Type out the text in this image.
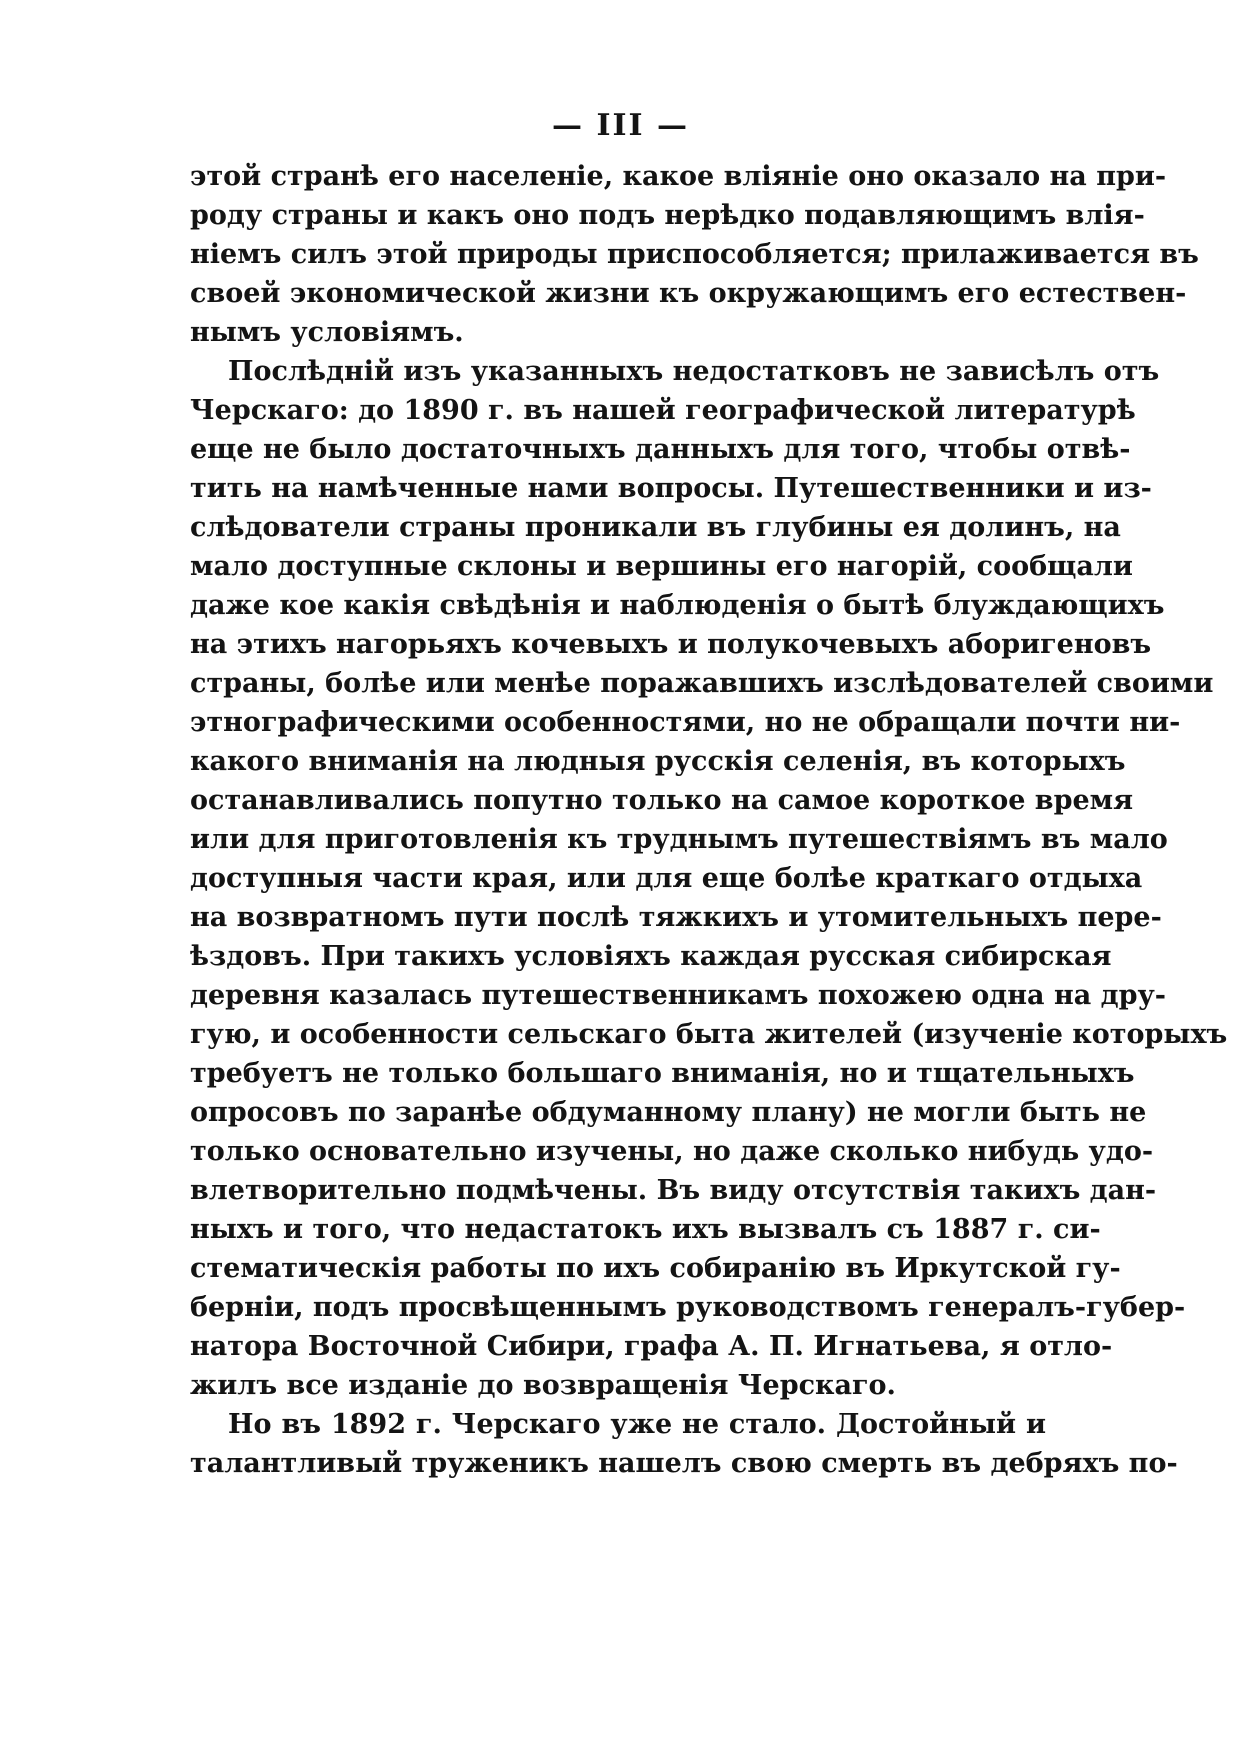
— III —
этой странѣ его населеніе, какое вліяніе оно оказало на при-
роду страны и какъ оно подъ нерѣдко подавляющимъ влія-
ніемъ силъ этой природы приспособляется; прилаживается въ
своей экономической жизни къ окружающимъ его естествен-
нымъ условіямъ.
Послѣдній изъ указанныхъ недостатковъ не зависѣлъ отъ
Черскаго: до 1890 г. въ нашей географической литературѣ
еще не было достаточныхъ данныхъ для того, чтобы отвѣ-
тить на намѣченные нами вопросы. Путешественники и из-
слѣдователи страны проникали въ глубины ея долинъ, на
мало доступные склоны и вершины его нагорій, сообщали
даже кое какія свѣдѣнія и наблюденія о бытѣ блуждающихъ
на этихъ нагорьяхъ кочевыхъ и полукочевыхъ аборигеновъ
страны, болѣе или менѣе поражавшихъ изслѣдователей своими
этнографическими особенностями, но не обращали почти ни-
какого вниманія на людныя русскія селенія, въ которыхъ
останавливались попутно только на самое короткое время
или для приготовленія къ труднымъ путешествіямъ въ мало
доступныя части края, или для еще болѣе краткаго отдыха
на возвратномъ пути послѣ тяжкихъ и утомительныхъ пере-
ѣздовъ. При такихъ условіяхъ каждая русская сибирская
деревня казалась путешественникамъ похожею одна на дру-
гую, и особенности сельскаго быта жителей (изученіе которыхъ
требуетъ не только большаго вниманія, но и тщательныхъ
опросовъ по заранѣе обдуманному плану) не могли быть не
только основательно изучены, но даже сколько нибудь удо-
влетворительно подмѣчены. Въ виду отсутствія такихъ дан-
ныхъ и того, что недастатокъ ихъ вызвалъ съ 1887 г. си-
стематическія работы по ихъ собиранію въ Иркутской гу-
берніи, подъ просвѣщеннымъ руководствомъ генералъ-губер-
натора Восточной Сибири, графа А. П. Игнатьева, я отло-
жилъ все изданіе до возвращенія Черскаго.
Но въ 1892 г. Черскаго уже не стало. Достойный и
талантливый труженикъ нашелъ свою смерть въ дебряхъ по-
